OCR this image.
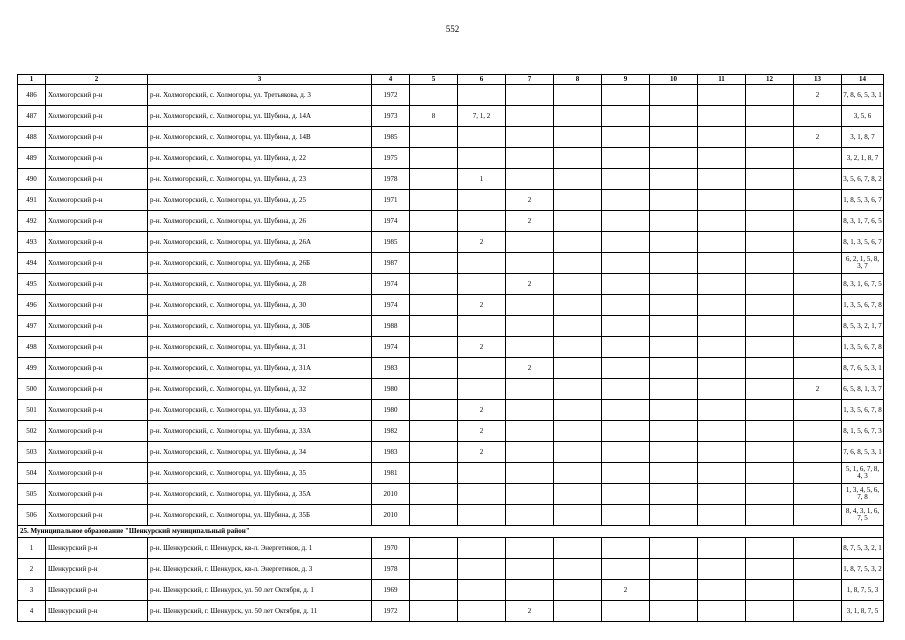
552
1	2	3	4	5	6	7	8	9	10	11	12	13	14
486	Холмогорский р-н	р-н. Холмогорский, с. Холмогоры, ул. Третьякова, д. 3	1972									2	7, 8, 6, 5, 3, 1
487	Холмогорский р-н	р-н. Холмогорский, с. Холмогоры, ул. Шубина, д. 14А	1973	8	7, 1, 2								3, 5, 6
488	Холмогорский р-н	р-н. Холмогорский, с. Холмогоры, ул. Шубина, д. 14В	1985									2	3, 1, 8, 7
489	Холмогорский р-н	р-н. Холмогорский, с. Холмогоры, ул. Шубина, д. 22	1975										3, 2, 1, 8, 7
490	Холмогорский р-н	р-н. Холмогорский, с. Холмогоры, ул. Шубина, д. 23	1978		1								3, 5, 6, 7, 8, 2
491	Холмогорский р-н	р-н. Холмогорский, с. Холмогоры, ул. Шубина, д. 25	1971			2							1, 8, 5, 3, 6, 7
492	Холмогорский р-н	р-н. Холмогорский, с. Холмогоры, ул. Шубина, д. 26	1974			2							8, 3, 1, 7, 6, 5
493	Холмогорский р-н	р-н. Холмогорский, с. Холмогоры, ул. Шубина, д. 26А	1985		2								8, 1, 3, 5, 6, 7
494	Холмогорский р-н	р-н. Холмогорский, с. Холмогоры, ул. Шубина, д. 26Б	1987										6, 2, 1, 5, 8, 3, 7
495	Холмогорский р-н	р-н. Холмогорский, с. Холмогоры, ул. Шубина, д. 28	1974			2							8, 3, 1, 6, 7, 5
496	Холмогорский р-н	р-н. Холмогорский, с. Холмогоры, ул. Шубина, д. 30	1974		2								1, 3, 5, 6, 7, 8
497	Холмогорский р-н	р-н. Холмогорский, с. Холмогоры, ул. Шубина, д. 30Б	1988										8, 5, 3, 2, 1, 7
498	Холмогорский р-н	р-н. Холмогорский, с. Холмогоры, ул. Шубина, д. 31	1974		2								1, 3, 5, 6, 7, 8
499	Холмогорский р-н	р-н. Холмогорский, с. Холмогоры, ул. Шубина, д. 31А	1983			2							8, 7, 6, 5, 3, 1
500	Холмогорский р-н	р-н. Холмогорский, с. Холмогоры, ул. Шубина, д. 32	1980									2	6, 5, 8, 1, 3, 7
501	Холмогорский р-н	р-н. Холмогорский, с. Холмогоры, ул. Шубина, д. 33	1980		2								1, 3, 5, 6, 7, 8
502	Холмогорский р-н	р-н. Холмогорский, с. Холмогоры, ул. Шубина, д. 33А	1982		2								8, 1, 5, 6, 7, 3
503	Холмогорский р-н	р-н. Холмогорский, с. Холмогоры, ул. Шубина, д. 34	1983		2								7, 6, 8, 5, 3, 1
504	Холмогорский р-н	р-н. Холмогорский, с. Холмогоры, ул. Шубина, д. 35	1981										5, 1, 6, 7, 8, 4, 3
505	Холмогорский р-н	р-н. Холмогорский, с. Холмогоры, ул. Шубина, д. 35А	2010										1, 3, 4, 5, 6, 7, 8
506	Холмогорский р-н	р-н. Холмогорский, с. Холмогоры, ул. Шубина, д. 35Б	2010										8, 4, 3, 1, 6, 7, 5
25. Муниципальное образование "Шенкурский муниципальный район"													
1	Шенкурский р-н	р-н. Шенкурский, г. Шенкурск, кв-л. Энергетиков, д. 1	1970										8, 7, 5, 3, 2, 1
2	Шенкурский р-н	р-н. Шенкурский, г. Шенкурск, кв-л. Энергетиков, д. 3	1978										1, 8, 7, 5, 3, 2
3	Шенкурский р-н	р-н. Шенкурский, г. Шенкурск, ул. 50 лет Октября, д. 1	1969					2					1, 8, 7, 5, 3
4	Шенкурский р-н	р-н. Шенкурский, г. Шенкурск, ул. 50 лет Октября, д. 11	1972			2							3, 1, 8, 7, 5
